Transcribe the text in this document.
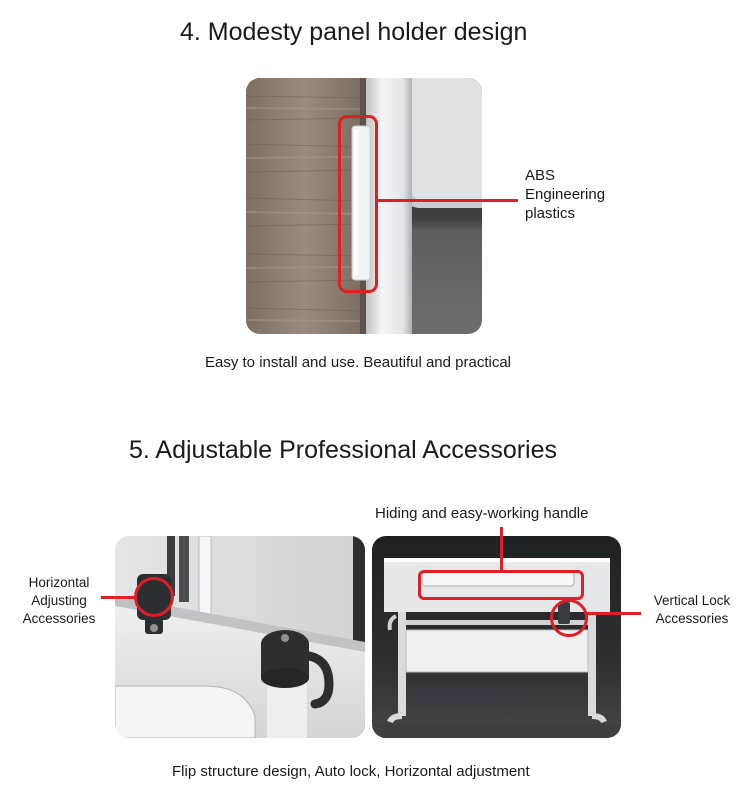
4. Modesty panel holder design
ABS
Engineering
plastics
Easy to install and use. Beautiful and practical
5. Adjustable Professional Accessories
Hiding and easy-working handle
Horizontal
Adjusting
Accessories
Vertical Lock
Accessories
Flip structure design, Auto lock, Horizontal adjustment
